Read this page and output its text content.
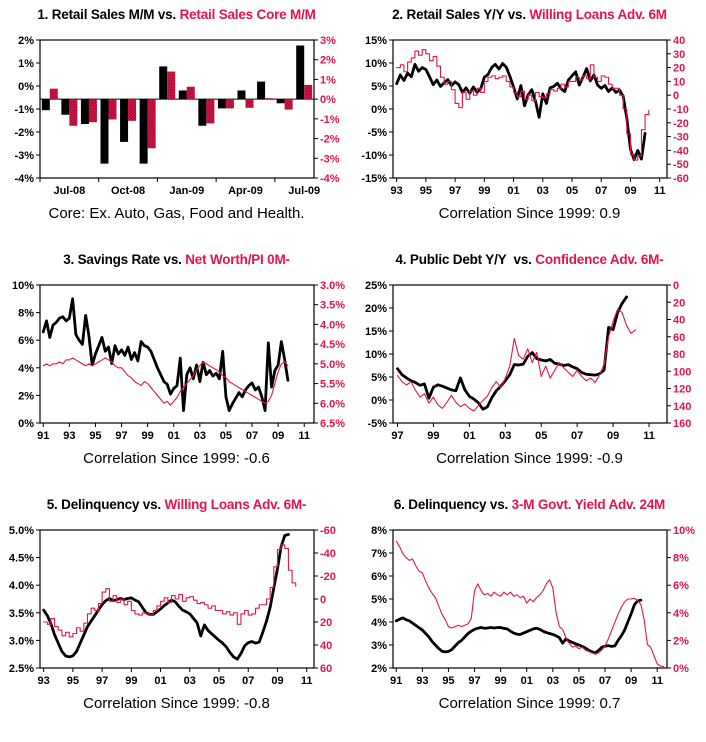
1. Retail Sales M/M vs. Retail Sales Core M/M
2%
1%
0%
-1%
-2%
-3%
-4%
3%
2%
1%
0%
-1%
-2%
-3%
-4%
Jul-08 Oct-08 Jan-09 Apr-09 Jul-09
Core: Ex. Auto, Gas, Food and Health.
2. Retail Sales Y/Y vs. Willing Loans Adv. 6M
15%
10%
5%
0%
-5%
-10%
-15%
40
30
20
10
0
-10
-20
-30
-40
-50
-60
93 95 97 99 01 03 05 07 09 11
Correlation Since 1999: 0.9
3. Savings Rate vs. Net Worth/PI 0M-
10%
8%
6%
4%
2%
0%
3.0%
3.5%
4.0%
4.5%
5.0%
5.5%
6.0%
6.5%
91 93 95 97 99 01 03 05 07 09 11
Correlation Since 1999: -0.6
4. Public Debt Y/Y  vs. Confidence Adv. 6M-
25%
20%
15%
10%
5%
0%
-5%
0
20
40
60
80
100
120
140
160
97 99 01 03 05 07 09 11
Correlation Since 1999: -0.9
5. Delinquency vs. Willing Loans Adv. 6M-
5.0%
4.5%
4.0%
3.5%
3.0%
2.5%
-60
-40
-20
0
20
40
60
93 95 97 99 01 03 05 07 09 11
Correlation Since 1999: -0.8
6. Delinquency vs. 3-M Govt. Yield Adv. 24M
8%
7%
6%
5%
4%
3%
2%
10%
8%
6%
4%
2%
0%
91 93 95 97 99 01 03 05 07 09 11
Correlation Since 1999: 0.7
